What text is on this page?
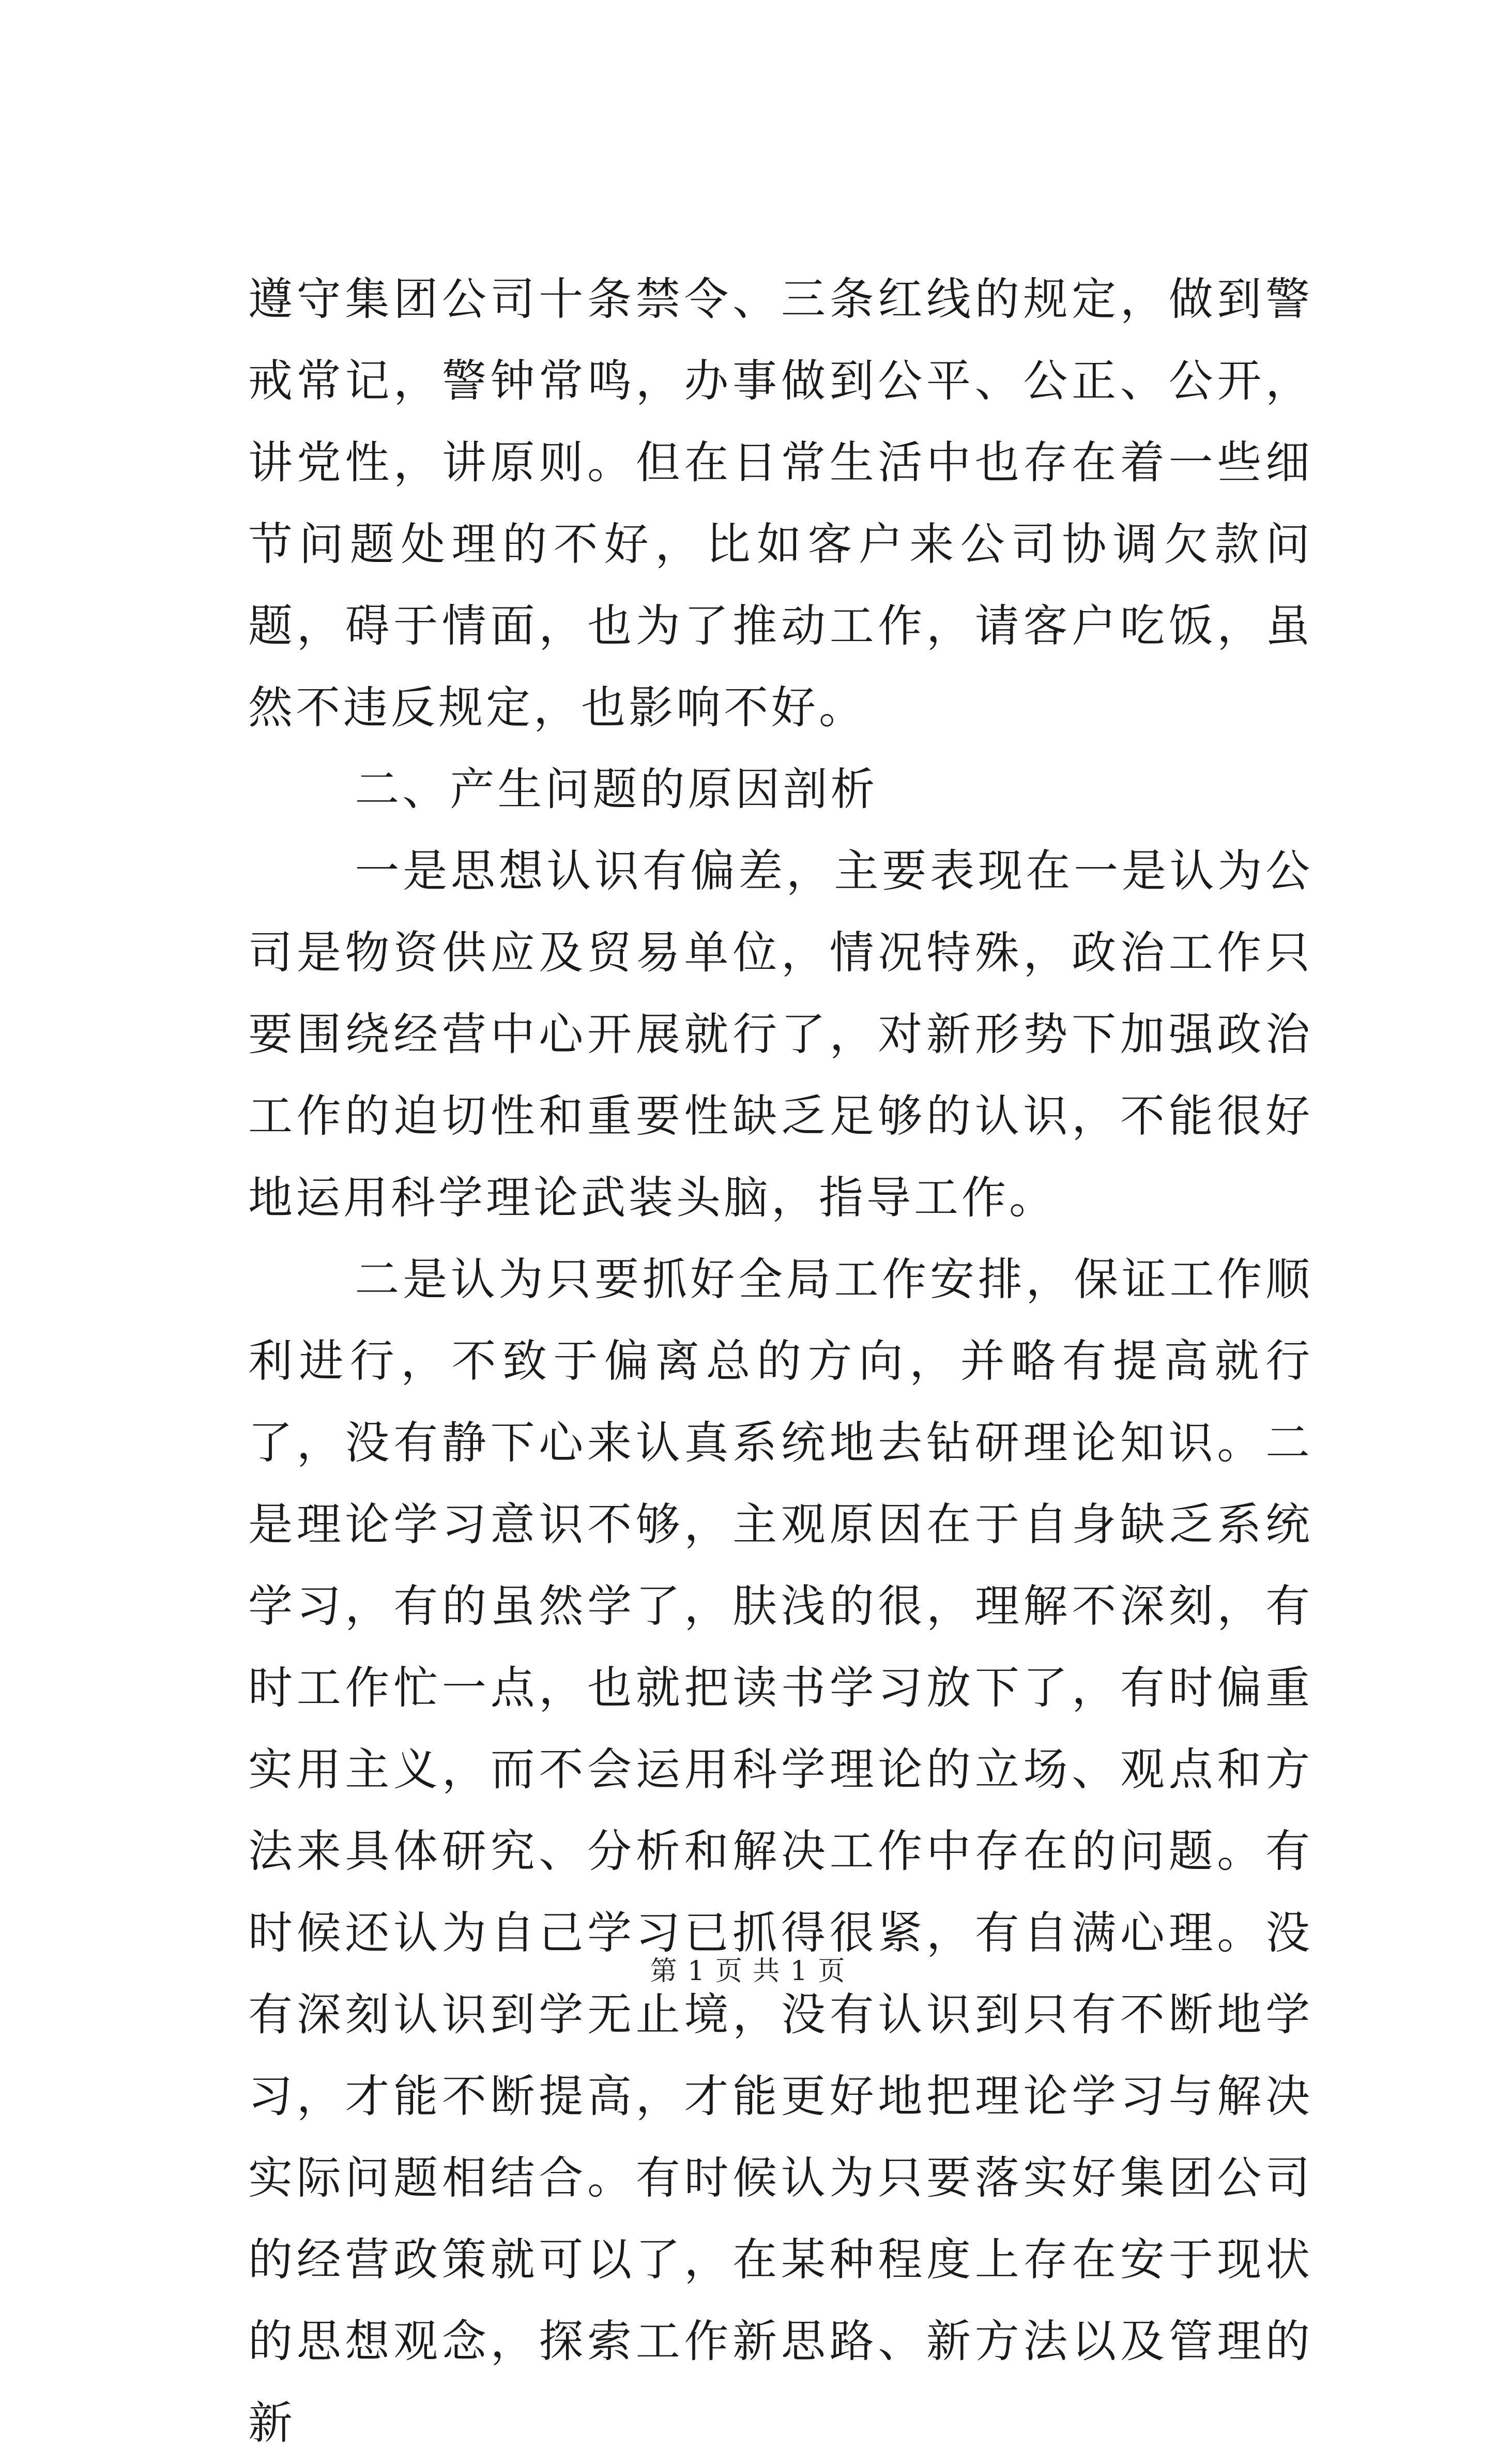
遵守集团公司十条禁令、三条红线的规定，做到警戒常记，警钟常鸣，办事做到公平、公正、公开，讲党性，讲原则。但在日常生活中也存在着一些细节问题处理的不好，比如客户来公司协调欠款问题，碍于情面，也为了推动工作，请客户吃饭，虽然不违反规定，也影响不好。

二、产生问题的原因剖析

一是思想认识有偏差，主要表现在一是认为公司是物资供应及贸易单位，情况特殊，政治工作只要围绕经营中心开展就行了，对新形势下加强政治工作的迫切性和重要性缺乏足够的认识，不能很好地运用科学理论武装头脑，指导工作。

二是认为只要抓好全局工作安排，保证工作顺利进行，不致于偏离总的方向，并略有提高就行了，没有静下心来认真系统地去钻研理论知识。二是理论学习意识不够，主观原因在于自身缺乏系统学习，有的虽然学了，肤浅的很，理解不深刻，有时工作忙一点，也就把读书学习放下了，有时偏重实用主义，而不会运用科学理论的立场、观点和方法来具体研究、分析和解决工作中存在的问题。有时候还认为自己学习已抓得很紧，有自满心理。没有深刻认识到学无止境，没有认识到只有不断地学习，才能不断提高，才能更好地把理论学习与解决实际问题相结合。有时候认为只要落实好集团公司的经营政策就可以了，在某种程度上存在安于现状的思想观念，探索工作新思路、新方法以及管理的新

第 1 页 共 1 页
